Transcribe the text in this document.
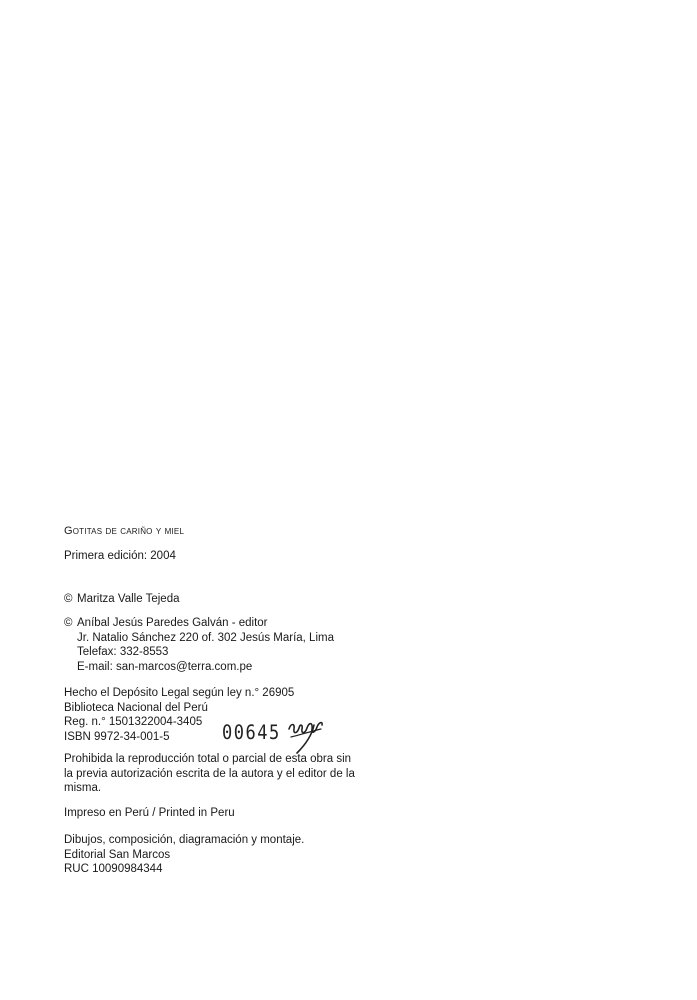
Gotitas de cariño y miel
Primera edición: 2004
© Maritza Valle Tejeda
© Aníbal Jesús Paredes Galván - editor
Jr. Natalio Sánchez 220 of. 302 Jesús María, Lima
Telefax: 332-8553
E-mail: san-marcos@terra.com.pe
Hecho el Depósito Legal según ley n.° 26905
Biblioteca Nacional del Perú
Reg. n.° 1501322004-3405
ISBN 9972-34-001-5	00645
Prohibida la reproducción total o parcial de esta obra sin
la previa autorización escrita de la autora y el editor de la
misma.
Impreso en Perú / Printed in Peru
Dibujos, composición, diagramación y montaje.
Editorial San Marcos
RUC 10090984344
